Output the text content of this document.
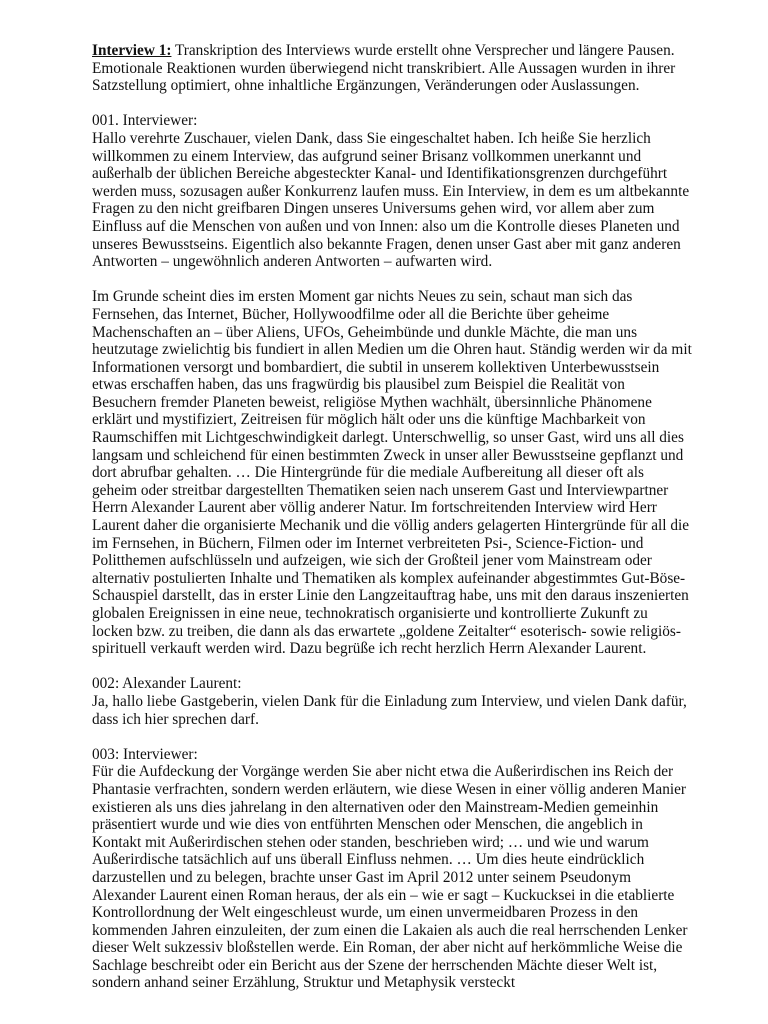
Interview 1: Transkription des Interviews wurde erstellt ohne Versprecher und längere Pausen. Emotionale Reaktionen wurden überwiegend nicht transkribiert. Alle Aussagen wurden in ihrer Satzstellung optimiert, ohne inhaltliche Ergänzungen, Veränderungen oder Auslassungen.

001. Interviewer:

Hallo verehrte Zuschauer, vielen Dank, dass Sie eingeschaltet haben. Ich heiße Sie herzlich willkommen zu einem Interview, das aufgrund seiner Brisanz vollkommen unerkannt und außerhalb der üblichen Bereiche abgesteckter Kanal- und Identifikationsgrenzen durchgeführt werden muss, sozusagen außer Konkurrenz laufen muss. Ein Interview, in dem es um altbekannte Fragen zu den nicht greifbaren Dingen unseres Universums gehen wird, vor allem aber zum Einfluss auf die Menschen von außen und von Innen: also um die Kontrolle dieses Planeten und unseres Bewusstseins. Eigentlich also bekannte Fragen, denen unser Gast aber mit ganz anderen Antworten – ungewöhnlich anderen Antworten – aufwarten wird.

Im Grunde scheint dies im ersten Moment gar nichts Neues zu sein, schaut man sich das Fernsehen, das Internet, Bücher, Hollywoodfilme oder all die Berichte über geheime Machenschaften an – über Aliens, UFOs, Geheimbünde und dunkle Mächte, die man uns heutzutage zwielichtig bis fundiert in allen Medien um die Ohren haut. Ständig werden wir da mit Informationen versorgt und bombardiert, die subtil in unserem kollektiven Unterbewusstsein etwas erschaffen haben, das uns fragwürdig bis plausibel zum Beispiel die Realität von Besuchern fremder Planeten beweist, religiöse Mythen wachhält, übersinnliche Phänomene erklärt und mystifiziert, Zeitreisen für möglich hält oder uns die künftige Machbarkeit von Raumschiffen mit Lichtgeschwindigkeit darlegt. Unterschwellig, so unser Gast, wird uns all dies langsam und schleichend für einen bestimmten Zweck in unser aller Bewusstseine gepflanzt und dort abrufbar gehalten. … Die Hintergründe für die mediale Aufbereitung all dieser oft als geheim oder streitbar dargestellten Thematiken seien nach unserem Gast und Interviewpartner Herrn Alexander Laurent aber völlig anderer Natur. Im fortschreitenden Interview wird Herr Laurent daher die organisierte Mechanik und die völlig anders gelagerten Hintergründe für all die im Fernsehen, in Büchern, Filmen oder im Internet verbreiteten Psi-, Science-Fiction- und Politthemen aufschlüsseln und aufzeigen, wie sich der Großteil jener vom Mainstream oder alternativ postulierten Inhalte und Thematiken als komplex aufeinander abgestimmtes Gut-Böse-Schauspiel darstellt, das in erster Linie den Langzeitauftrag habe, uns mit den daraus inszenierten globalen Ereignissen in eine neue, technokratisch organisierte und kontrollierte Zukunft zu locken bzw. zu treiben, die dann als das erwartete „goldene Zeitalter“ esoterisch- sowie religiös-spirituell verkauft werden wird. Dazu begrüße ich recht herzlich Herrn Alexander Laurent.

002: Alexander Laurent:

Ja, hallo liebe Gastgeberin, vielen Dank für die Einladung zum Interview, und vielen Dank dafür, dass ich hier sprechen darf.

003: Interviewer:

Für die Aufdeckung der Vorgänge werden Sie aber nicht etwa die Außerirdischen ins Reich der Phantasie verfrachten, sondern werden erläutern, wie diese Wesen in einer völlig anderen Manier existieren als uns dies jahrelang in den alternativen oder den Mainstream-Medien gemeinhin präsentiert wurde und wie dies von entführten Menschen oder Menschen, die angeblich in Kontakt mit Außerirdischen stehen oder standen, beschrieben wird; … und wie und warum Außerirdische tatsächlich auf uns überall Einfluss nehmen. … Um dies heute eindrücklich darzustellen und zu belegen, brachte unser Gast im April 2012 unter seinem Pseudonym Alexander Laurent einen Roman heraus, der als ein – wie er sagt – Kuckucksei in die etablierte Kontrollordnung der Welt eingeschleust wurde, um einen unvermeidbaren Prozess in den kommenden Jahren einzuleiten, der zum einen die Lakaien als auch die real herrschenden Lenker dieser Welt sukzessiv bloßstellen werde. Ein Roman, der aber nicht auf herkömmliche Weise die Sachlage beschreibt oder ein Bericht aus der Szene der herrschenden Mächte dieser Welt ist, sondern anhand seiner Erzählung, Struktur und Metaphysik versteckt
